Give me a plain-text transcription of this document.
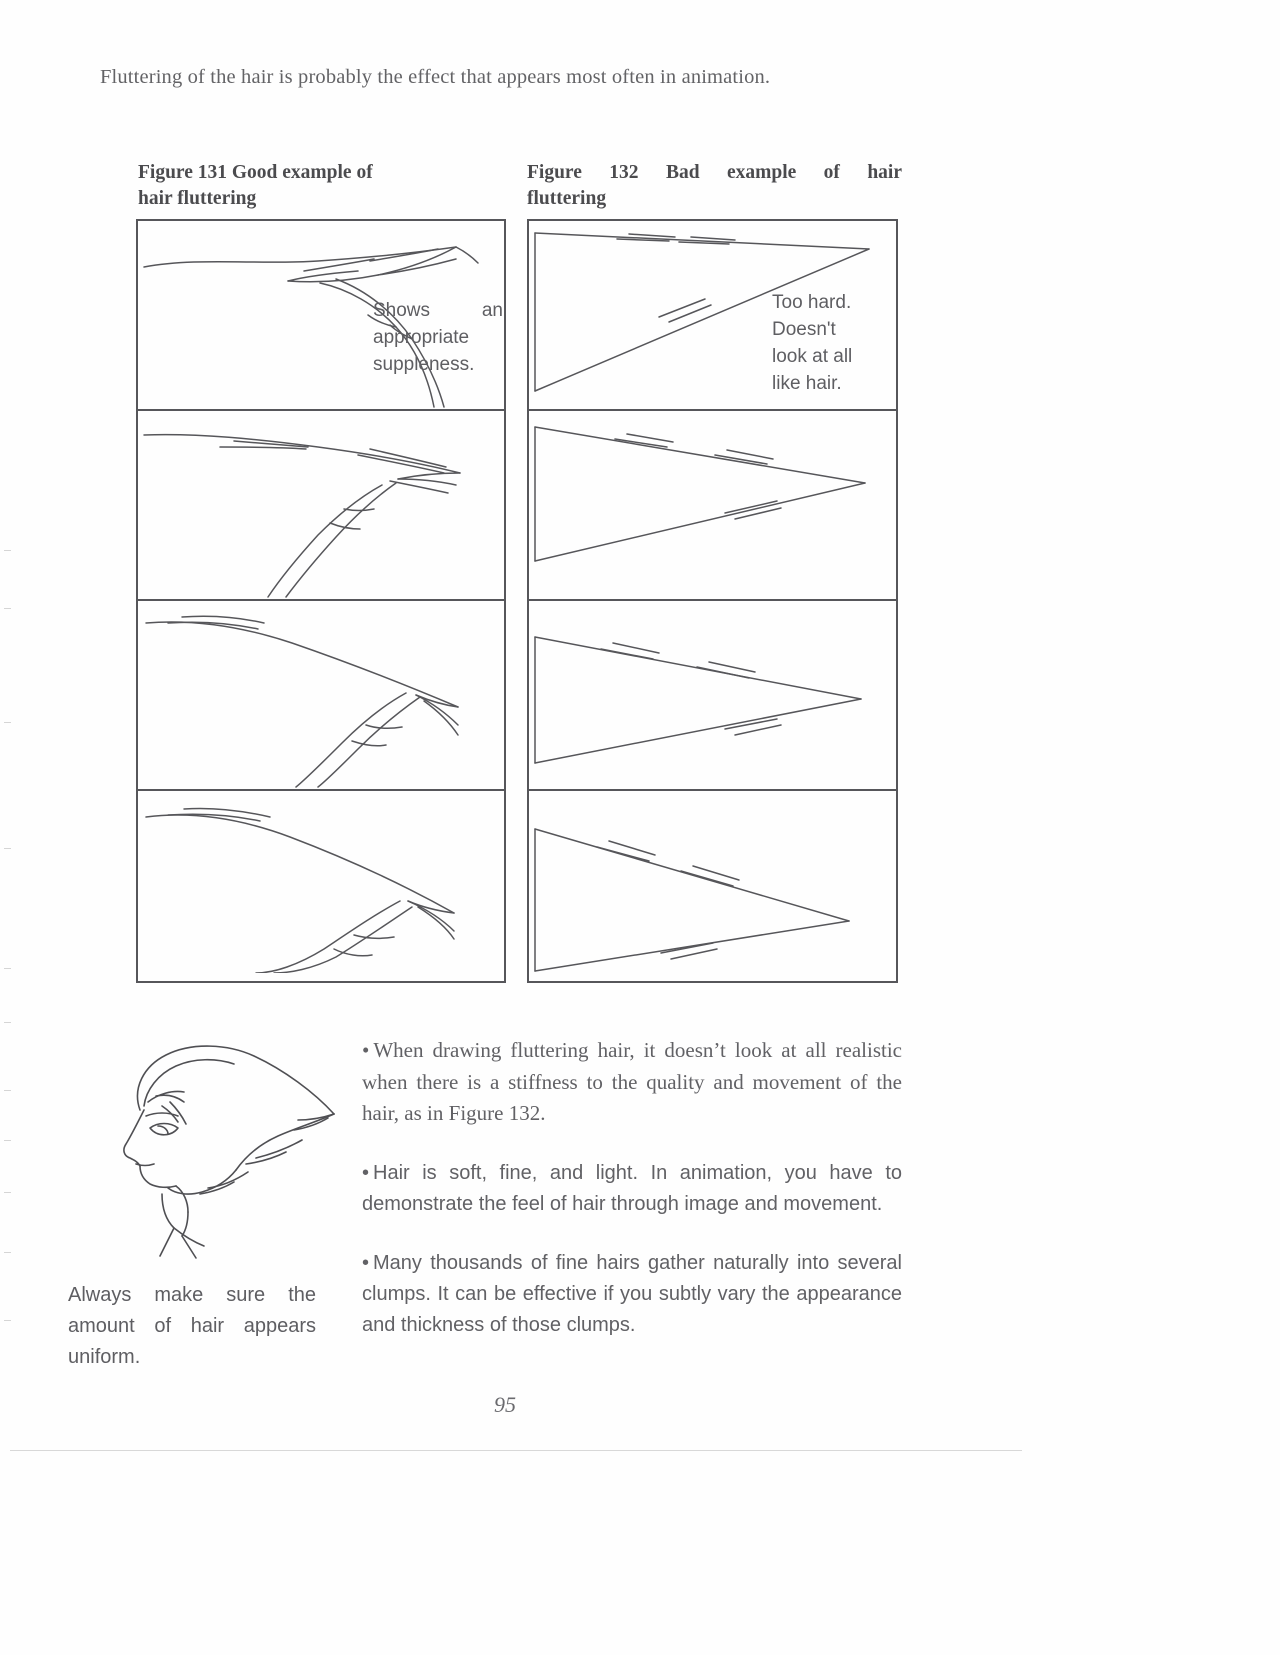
Fluttering of the hair is probably the effect that appears most often in animation.
Figure 131 Good example of
hair fluttering
Shows an
appropriate
suppleness.
Figure 132 Bad example of hair
fluttering
Too hard.
Doesn't
look at all
like hair.
Always make sure the
amount of hair appears
uniform.

• When drawing fluttering hair, it doesn’t look at all realistic when there is a stiffness to the quality and movement of the hair, as in Figure 132.

• Hair is soft, fine, and light. In animation, you have to demonstrate the feel of hair through image and movement.

• Many thousands of fine hairs gather naturally into several clumps. It can be effective if you subtly vary the appearance and thickness of those clumps.

95
